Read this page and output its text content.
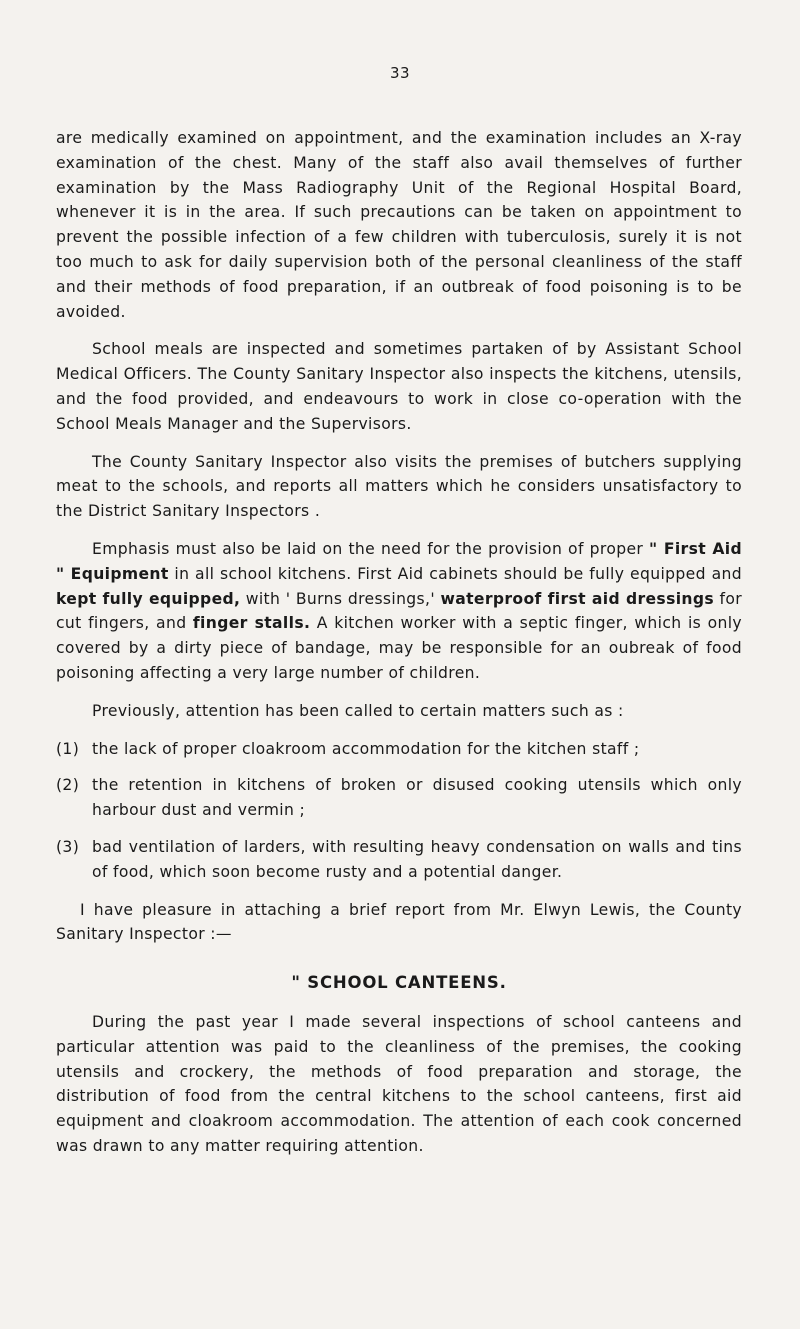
33

are medically examined on appointment, and the examination includes an X-ray examination of the chest. Many of the staff also avail themselves of further examination by the Mass Radiography Unit of the Regional Hospital Board, whenever it is in the area. If such precautions can be taken on appointment to prevent the possible infection of a few children with tuberculosis, surely it is not too much to ask for daily supervision both of the personal cleanliness of the staff and their methods of food preparation, if an outbreak of food poisoning is to be avoided.

School meals are inspected and sometimes partaken of by Assistant School Medical Officers. The County Sanitary Inspector also inspects the kitchens, utensils, and the food provided, and endeavours to work in close co-operation with the School Meals Manager and the Supervisors.

The County Sanitary Inspector also visits the premises of butchers supplying meat to the schools, and reports all matters which he considers unsatisfactory to the District Sanitary Inspectors .

Emphasis must also be laid on the need for the provision of proper " First Aid " Equipment in all school kitchens. First Aid cabinets should be fully equipped and kept fully equipped, with ' Burns dressings,' waterproof first aid dressings for cut fingers, and finger stalls. A kitchen worker with a septic finger, which is only covered by a dirty piece of bandage, may be responsible for an oubreak of food poisoning affecting a very large number of children.

Previously, attention has been called to certain matters such as :

(1) the lack of proper cloakroom accommodation for the kitchen staff ;
(2) the retention in kitchens of broken or disused cooking utensils which only harbour dust and vermin ;
(3) bad ventilation of larders, with resulting heavy condensation on walls and tins of food, which soon become rusty and a potential danger.

I have pleasure in attaching a brief report from Mr. Elwyn Lewis, the County Sanitary Inspector :—

" SCHOOL CANTEENS.

During the past year I made several inspections of school canteens and particular attention was paid to the cleanliness of the premises, the cooking utensils and crockery, the methods of food preparation and storage, the distribution of food from the central kitchens to the school canteens, first aid equipment and cloakroom accommodation. The attention of each cook concerned was drawn to any matter requiring attention.
